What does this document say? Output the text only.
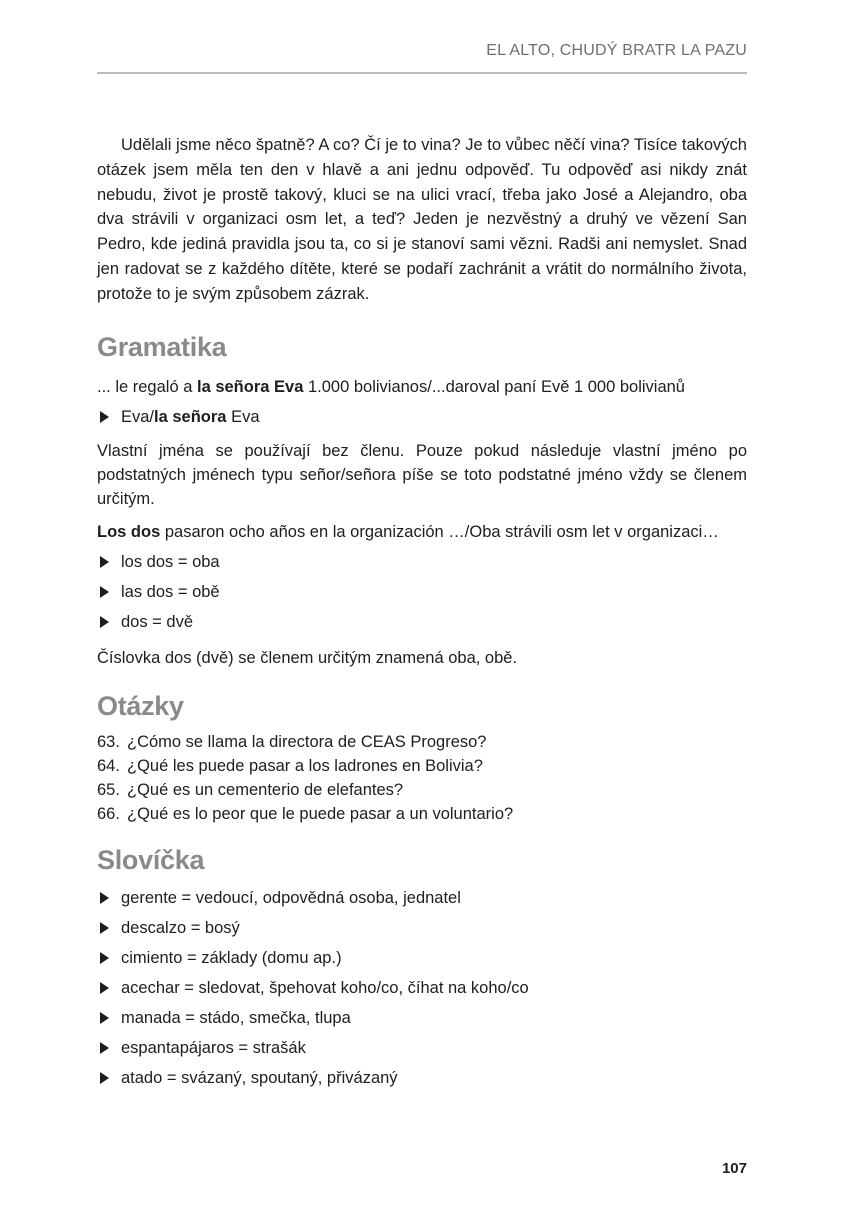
EL ALTO, CHUDÝ BRATR LA PAZU

Udělali jsme něco špatně? A co? Čí je to vina? Je to vůbec něčí vina? Tisíce takových otázek jsem měla ten den v hlavě a ani jednu odpověď. Tu odpověď asi nikdy znát nebudu, život je prostě takový, kluci se na ulici vrací, třeba jako José a Alejandro, oba dva strávili v organizaci osm let, a teď? Jeden je nezvěstný a druhý ve vězení San Pedro, kde jediná pravidla jsou ta, co si je stanoví sami vězni. Radši ani nemyslet. Snad jen radovat se z každého dítěte, které se podaří zachránit a vrátit do normálního života, protože to je svým způsobem zázrak.

Gramatika

... le regaló a la señora Eva 1.000 bolivianos/...daroval paní Evě 1 000 bolivianů

Eva/la señora Eva

Vlastní jména se používají bez členu. Pouze pokud následuje vlastní jméno po podstatných jménech typu señor/señora píše se toto podstatné jméno vždy se členem určitým.

Los dos pasaron ocho años en la organización …/Oba strávili osm let v organizaci…

los dos = oba

las dos = obě

dos = dvě

Číslovka dos (dvě) se členem určitým znamená oba, obě.

Otázky

63. ¿Cómo se llama la directora de CEAS Progreso?

64. ¿Qué les puede pasar a los ladrones en Bolivia?

65. ¿Qué es un cementerio de elefantes?

66. ¿Qué es lo peor que le puede pasar a un voluntario?

Slovíčka

gerente = vedoucí, odpovědná osoba, jednatel

descalzo = bosý

cimiento = základy (domu ap.)

acechar = sledovat, špehovat koho/co, číhat na koho/co

manada = stádo, smečka, tlupa

espantapájaros = strašák

atado = svázaný, spoutaný, přivázaný

107
